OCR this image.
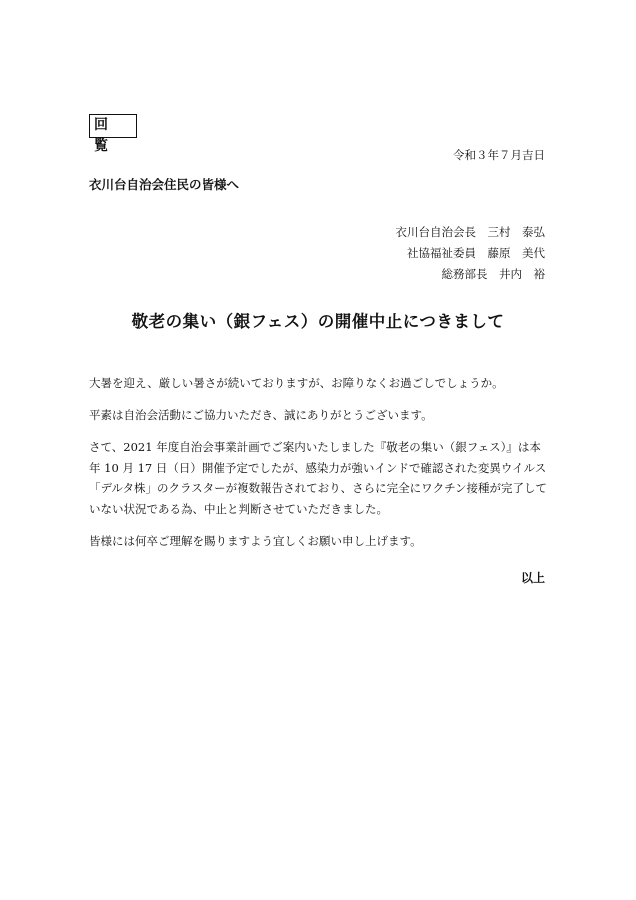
回　覧
令和３年７月吉日
衣川台自治会住民の皆様へ
衣川台自治会長　三村　泰弘
社協福祉委員　藤原　美代
総務部長　井内　裕
敬老の集い（銀フェス）の開催中止につきまして
大暑を迎え、厳しい暑さが続いておりますが、お障りなくお過ごしでしょうか。
平素は自治会活動にご協力いただき、誠にありがとうございます。
さて、2021 年度自治会事業計画でご案内いたしました『敬老の集い（銀フェス）』は本年 10 月 17 日（日）開催予定でしたが、感染力が強いインドで確認された変異ウイルス「デルタ株」のクラスターが複数報告されており、さらに完全にワクチン接種が完了していない状況である為、中止と判断させていただきました。
皆様には何卒ご理解を賜りますよう宜しくお願い申し上げます。
以上
